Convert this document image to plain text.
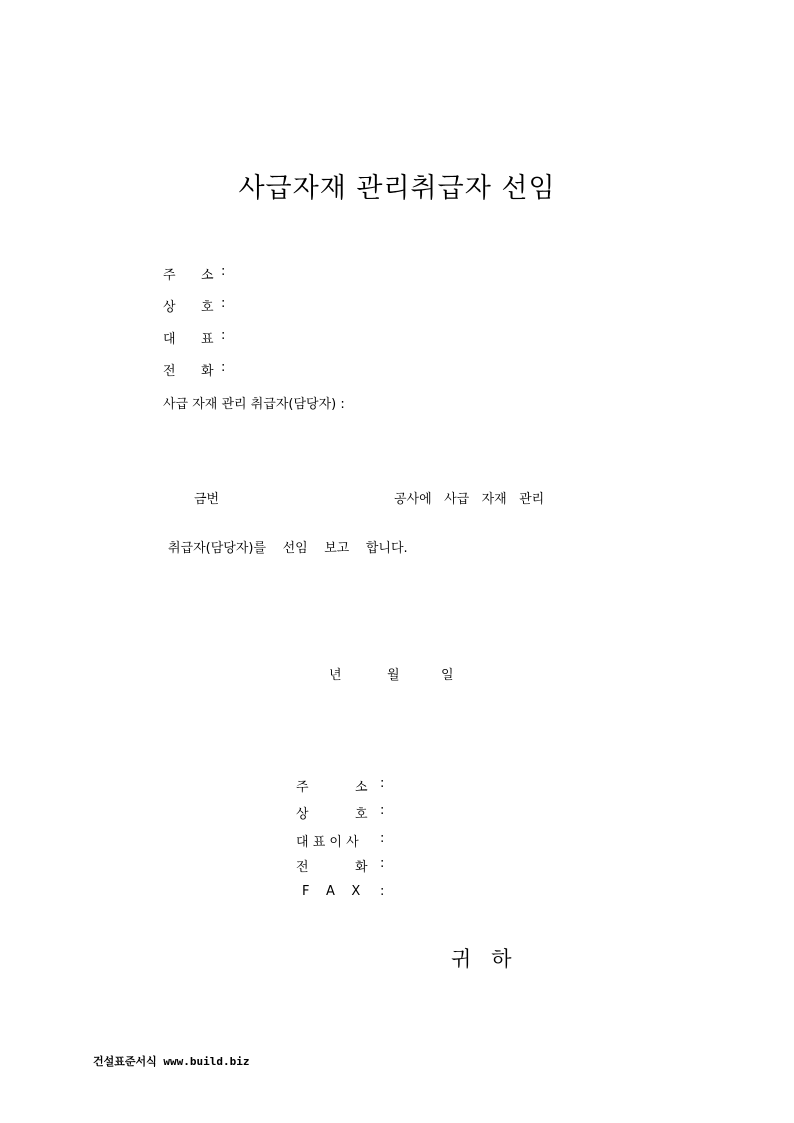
사급자재 관리취급자 선임
주 소 :
상 호 :
대 표 :
전 화 :
사급 자재 관리 취급자(담당자) :
금번	공사에   사급   자재   관리
취급자(담당자)를    선임    보고    합니다.
년	월	일
주	소 :
상	호 :
대 표 이 사 :
전	화 :
F    A    X :
귀   하
건설표준서식 www.build.biz
